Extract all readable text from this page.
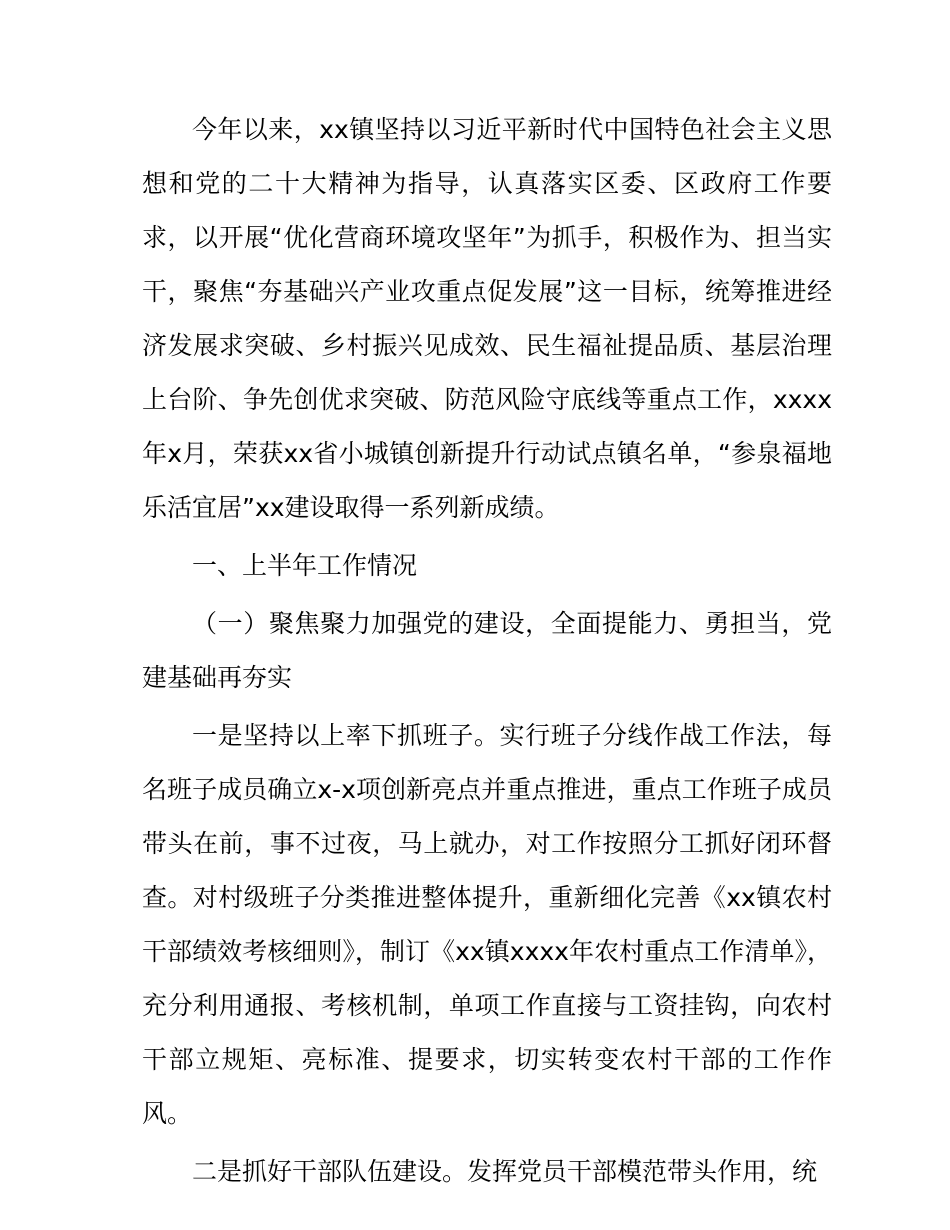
今年以来，xx镇坚持以习近平新时代中国特色社会主义思想和党的二十大精神为指导，认真落实区委、区政府工作要求，以开展“优化营商环境攻坚年”为抓手，积极作为、担当实干，聚焦“夯基础兴产业攻重点促发展”这一目标，统筹推进经济发展求突破、乡村振兴见成效、民生福祉提品质、基层治理上台阶、争先创优求突破、防范风险守底线等重点工作，xxxx年x月，荣获xx省小城镇创新提升行动试点镇名单，“参泉福地乐活宜居”xx建设取得一系列新成绩。

一、上半年工作情况

（一）聚焦聚力加强党的建设，全面提能力、勇担当，党建基础再夯实

一是坚持以上率下抓班子。实行班子分线作战工作法，每名班子成员确立x-x项创新亮点并重点推进，重点工作班子成员带头在前，事不过夜，马上就办，对工作按照分工抓好闭环督查。对村级班子分类推进整体提升，重新细化完善《xx镇农村干部绩效考核细则》，制订《xx镇xxxx年农村重点工作清单》，充分利用通报、考核机制，单项工作直接与工资挂钩，向农村干部立规矩、亮标准、提要求，切实转变农村干部的工作作风。

二是抓好干部队伍建设。发挥党员干部模范带头作用，统
